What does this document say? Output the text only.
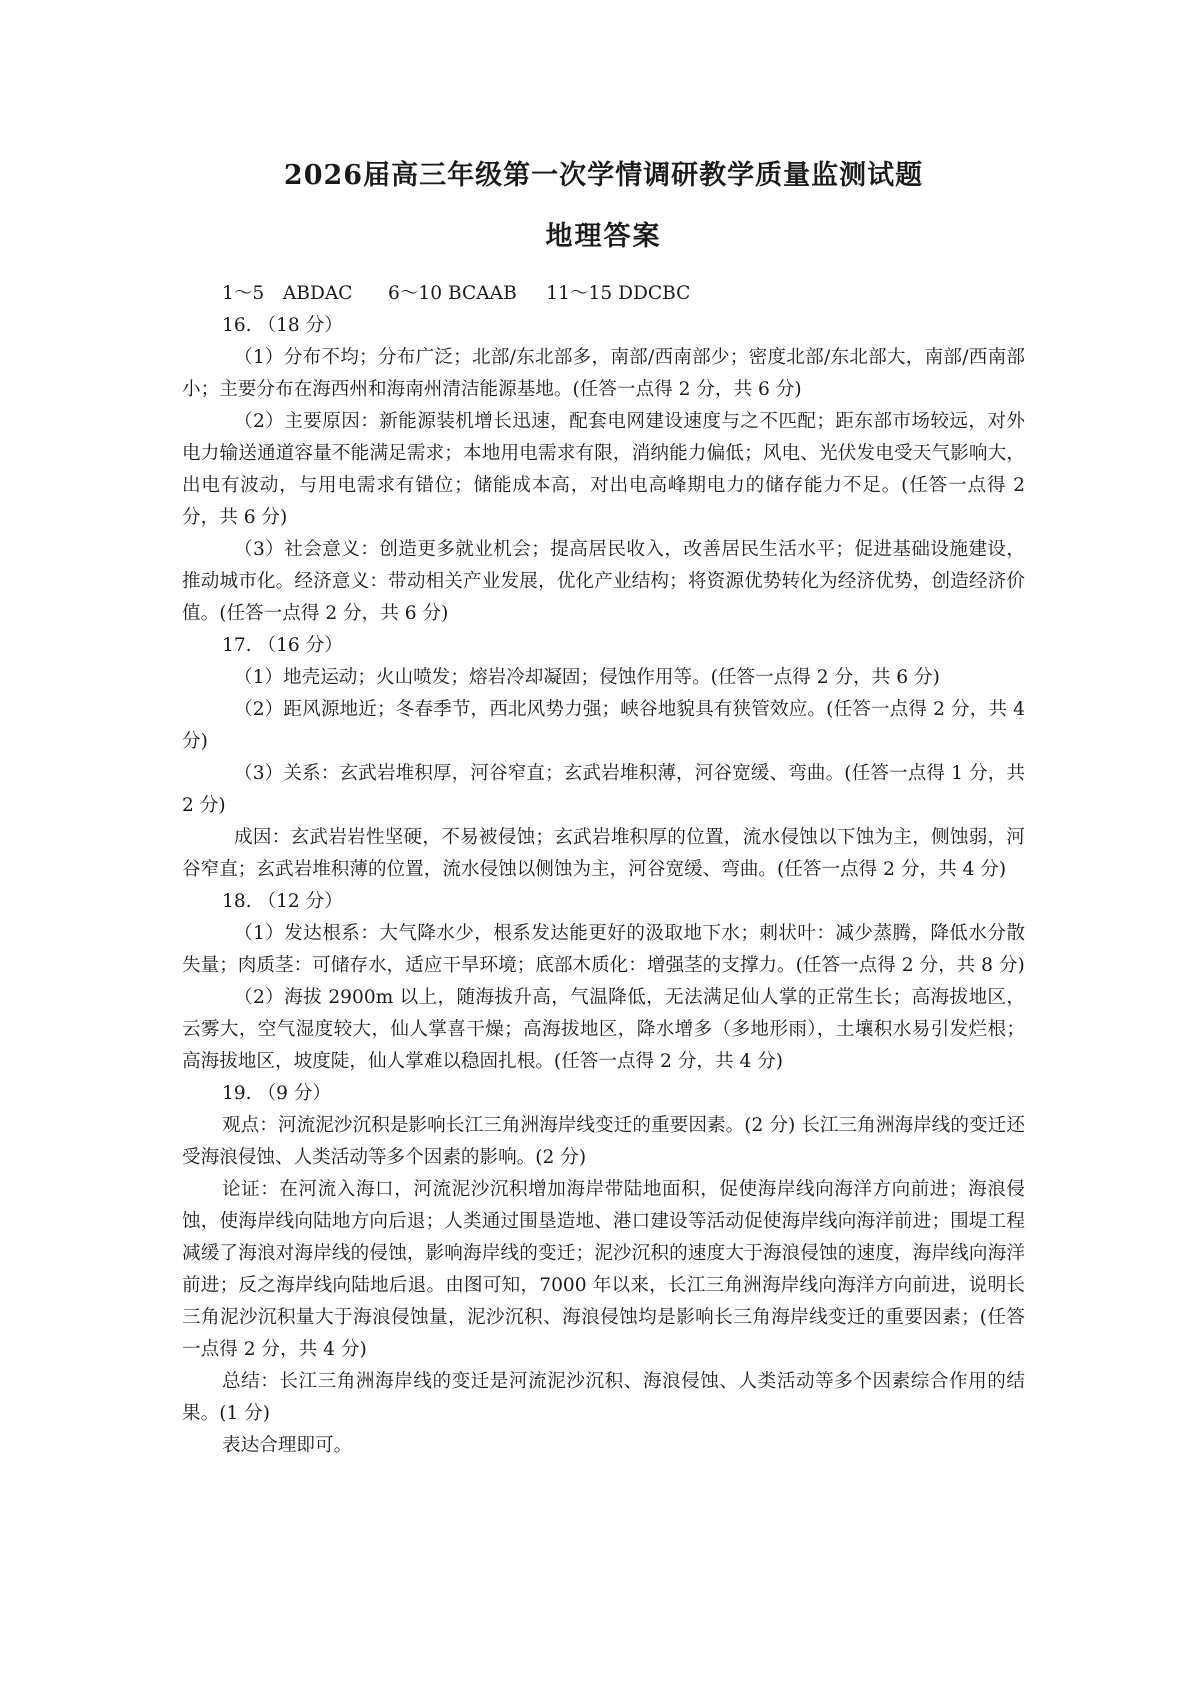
2026届高三年级第一次学情调研教学质量监测试题
地理答案
1～5　ABDAC 6～10 BCAAB 11～15 DDCBC
16. （18 分）
（1）分布不均；分布广泛；北部/东北部多，南部/西南部少；密度北部/东北部大，南部/西南部小；主要分布在海西州和海南州清洁能源基地。(任答一点得 2 分，共 6 分)
（2）主要原因：新能源装机增长迅速，配套电网建设速度与之不匹配；距东部市场较远，对外电力输送通道容量不能满足需求；本地用电需求有限，消纳能力偏低；风电、光伏发电受天气影响大，出电有波动，与用电需求有错位；储能成本高，对出电高峰期电力的储存能力不足。(任答一点得 2 分，共 6 分)
（3）社会意义：创造更多就业机会；提高居民收入，改善居民生活水平；促进基础设施建设，推动城市化。经济意义：带动相关产业发展，优化产业结构；将资源优势转化为经济优势，创造经济价值。(任答一点得 2 分，共 6 分)
17. （16 分）
（1）地壳运动；火山喷发；熔岩冷却凝固；侵蚀作用等。(任答一点得 2 分，共 6 分)
（2）距风源地近；冬春季节，西北风势力强；峡谷地貌具有狭管效应。(任答一点得 2 分，共 4 分)
（3）关系：玄武岩堆积厚，河谷窄直；玄武岩堆积薄，河谷宽缓、弯曲。(任答一点得 1 分，共 2 分)
成因：玄武岩岩性坚硬，不易被侵蚀；玄武岩堆积厚的位置，流水侵蚀以下蚀为主，侧蚀弱，河谷窄直；玄武岩堆积薄的位置，流水侵蚀以侧蚀为主，河谷宽缓、弯曲。(任答一点得 2 分，共 4 分)
18. （12 分）
（1）发达根系：大气降水少，根系发达能更好的汲取地下水；刺状叶：减少蒸腾，降低水分散失量；肉质茎：可储存水，适应干旱环境；底部木质化：增强茎的支撑力。(任答一点得 2 分，共 8 分)
（2）海拔 2900m 以上，随海拔升高，气温降低，无法满足仙人掌的正常生长；高海拔地区，云雾大，空气湿度较大，仙人掌喜干燥；高海拔地区，降水增多（多地形雨），土壤积水易引发烂根；高海拔地区，坡度陡，仙人掌难以稳固扎根。(任答一点得 2 分，共 4 分)
19. （9 分）
观点：河流泥沙沉积是影响长江三角洲海岸线变迁的重要因素。(2 分) 长江三角洲海岸线的变迁还受海浪侵蚀、人类活动等多个因素的影响。(2 分)
论证：在河流入海口，河流泥沙沉积增加海岸带陆地面积，促使海岸线向海洋方向前进；海浪侵蚀，使海岸线向陆地方向后退；人类通过围垦造地、港口建设等活动促使海岸线向海洋前进；围堤工程减缓了海浪对海岸线的侵蚀，影响海岸线的变迁；泥沙沉积的速度大于海浪侵蚀的速度，海岸线向海洋前进；反之海岸线向陆地后退。由图可知，7000 年以来，长江三角洲海岸线向海洋方向前进，说明长三角泥沙沉积量大于海浪侵蚀量，泥沙沉积、海浪侵蚀均是影响长三角海岸线变迁的重要因素；(任答一点得 2 分，共 4 分)
总结：长江三角洲海岸线的变迁是河流泥沙沉积、海浪侵蚀、人类活动等多个因素综合作用的结果。(1 分)
表达合理即可。
